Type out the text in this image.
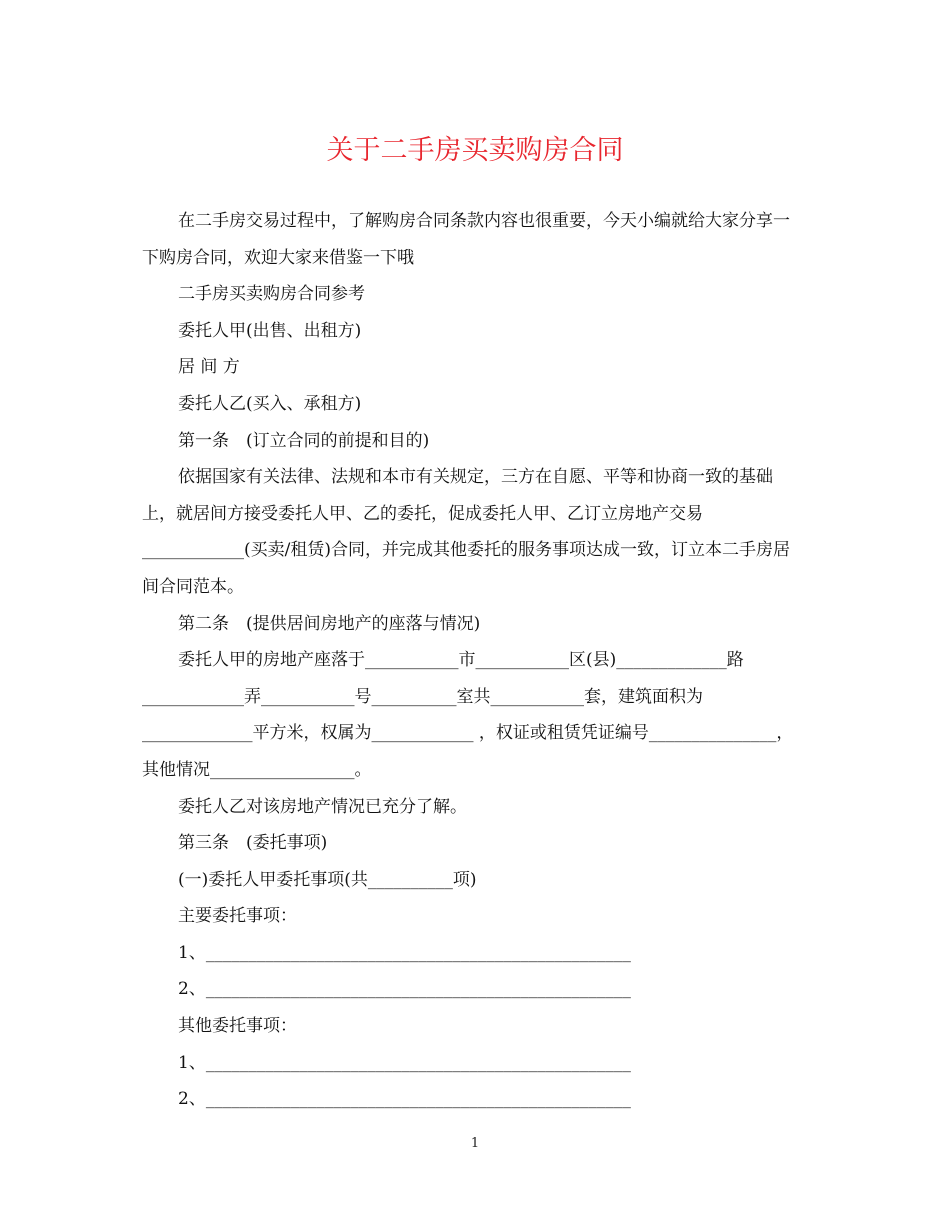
关于二手房买卖购房合同

在二手房交易过程中，了解购房合同条款内容也很重要，今天小编就给大家分享一下购房合同，欢迎大家来借鉴一下哦

二手房买卖购房合同参考

委托人甲(出售、出租方)

居 间 方

委托人乙(买入、承租方)

第一条　(订立合同的前提和目的)

依据国家有关法律、法规和本市有关规定，三方在自愿、平等和协商一致的基础上，就居间方接受委托人甲、乙的委托，促成委托人甲、乙订立房地产交易____________(买卖/租赁)合同，并完成其他委托的服务事项达成一致，订立本二手房居间合同范本。

第二条　(提供居间房地产的座落与情况)

委托人甲的房地产座落于___________市___________区(县)_____________路____________弄___________号__________室共___________套，建筑面积为_____________平方米，权属为____________ ，权证或租赁凭证编号_______________， 其他情况_________________。

委托人乙对该房地产情况已充分了解。

第三条　(委托事项)

(一)委托人甲委托事项(共__________项)

主要委托事项：

1、__________________________________________________

2、__________________________________________________

其他委托事项：

1、__________________________________________________

2、__________________________________________________

1
